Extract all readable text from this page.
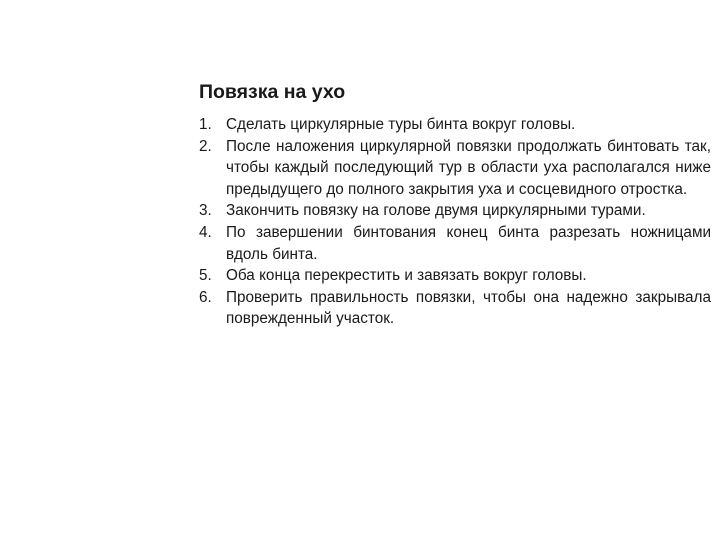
Повязка на ухо
1. Сделать циркулярные туры бинта вокруг головы.
2. После наложения циркулярной повязки продолжать бинтовать так, чтобы каждый последующий тур в области уха располагался ниже предыдущего до полного закрытия уха и сосцевидного отростка.
3. Закончить повязку на голове двумя циркулярными турами.
4. По завершении бинтования конец бинта разрезать ножницами вдоль бинта.
5. Оба конца перекрестить и завязать вокруг головы.
6. Проверить правильность повязки, чтобы она надежно закрывала поврежденный участок.
